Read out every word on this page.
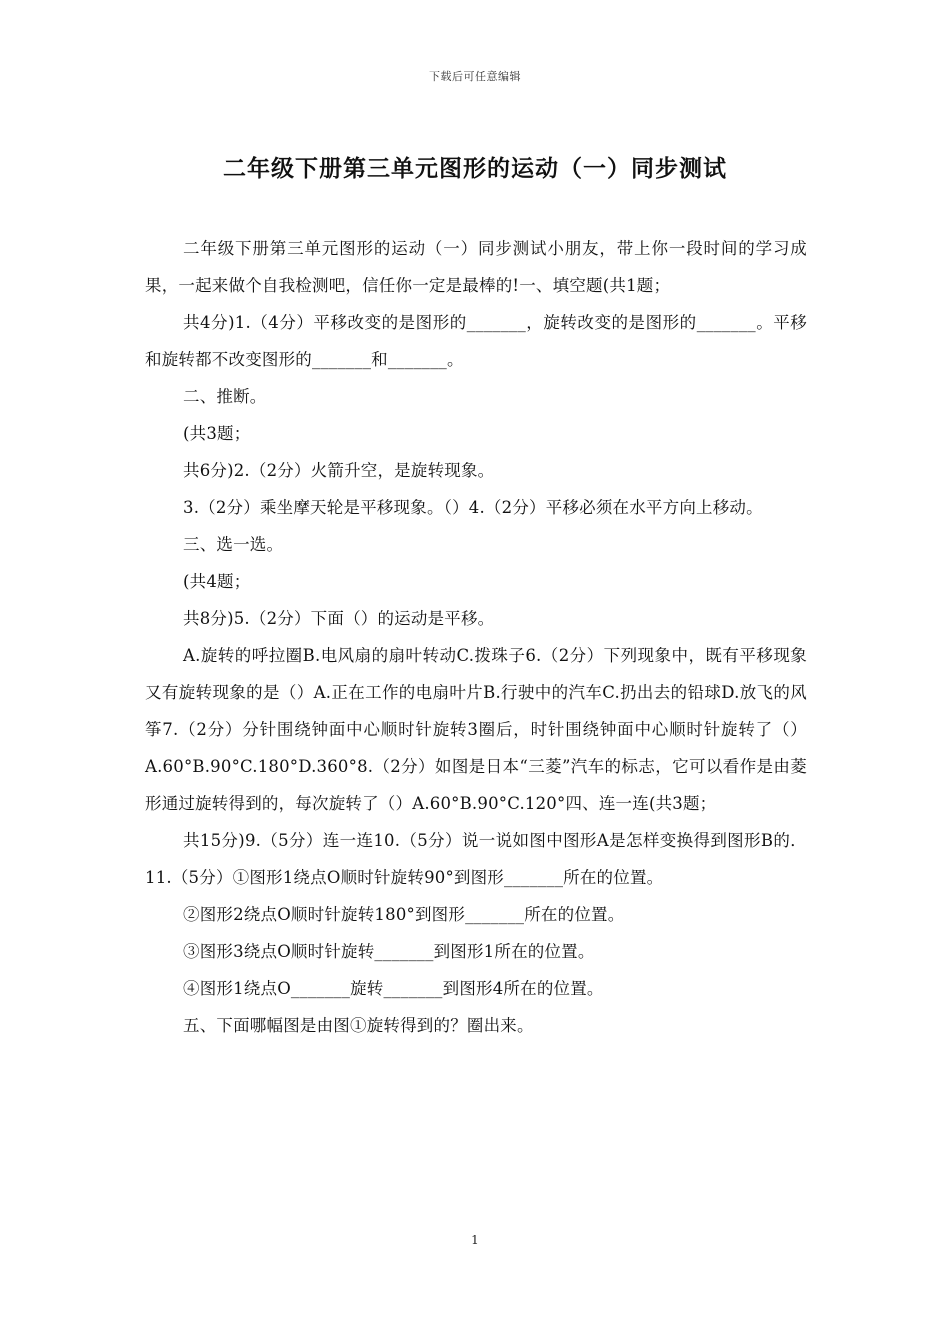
下载后可任意编辑
二年级下册第三单元图形的运动（一）同步测试

二年级下册第三单元图形的运动（一）同步测试小朋友，带上你一段时间的学习成果，一起来做个自我检测吧，信任你一定是最棒的!一、填空题(共1题；

共4分)1.（4分）平移改变的是图形的_______，旋转改变的是图形的_______。平移和旋转都不改变图形的_______和_______。

二、推断。

(共3题；

共6分)2.（2分）火箭升空，是旋转现象。

3.（2分）乘坐摩天轮是平移现象。（）4.（2分）平移必须在水平方向上移动。

三、选一选。

(共4题；

共8分)5.（2分）下面（）的运动是平移。

A.旋转的呼拉圈B.电风扇的扇叶转动C.拨珠子6.（2分）下列现象中，既有平移现象又有旋转现象的是（）A.正在工作的电扇叶片B.行驶中的汽车C.扔出去的铅球D.放飞的风筝7.（2分）分针围绕钟面中心顺时针旋转3圈后，时针围绕钟面中心顺时针旋转了（）A.60°B.90°C.180°D.360°8.（2分）如图是日本“三菱”汽车的标志，它可以看作是由菱形通过旋转得到的，每次旋转了（）A.60°B.90°C.120°四、连一连(共3题；

共15分)9.（5分）连一连10.（5分）说一说如图中图形A是怎样变换得到图形B的．11.（5分）①图形1绕点O顺时针旋转90°到图形_______所在的位置。

②图形2绕点O顺时针旋转180°到图形_______所在的位置。

③图形3绕点O顺时针旋转_______到图形1所在的位置。

④图形1绕点O_______旋转_______到图形4所在的位置。

五、下面哪幅图是由图①旋转得到的？圈出来。

1
